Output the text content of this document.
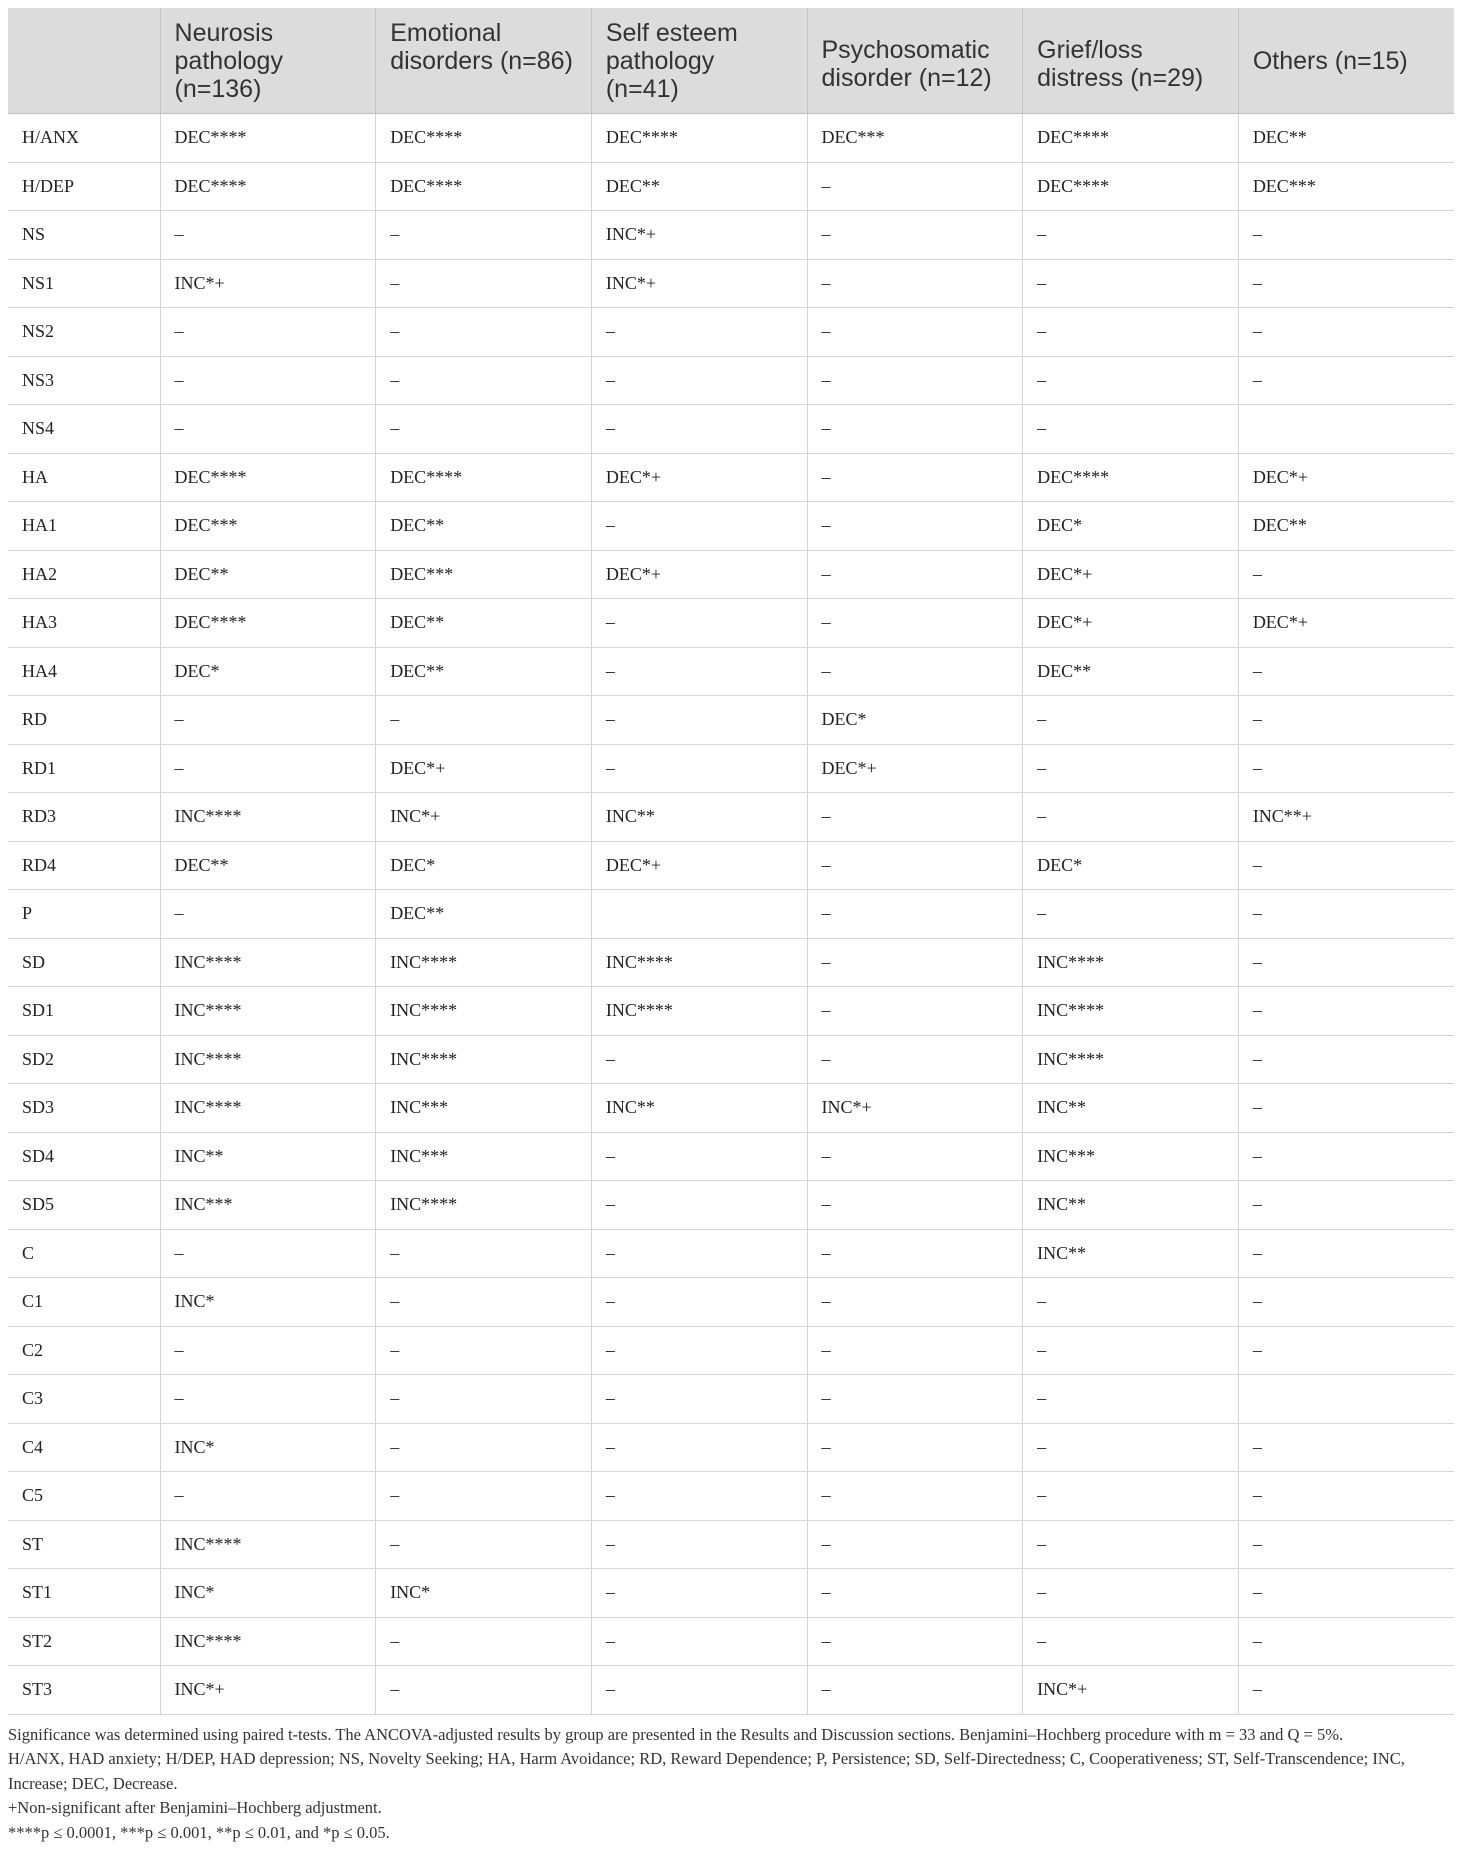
	Neurosis pathology (n=136)	Emotional disorders (n=86)	Self esteem pathology (n=41)	Psychosomatic disorder (n=12)	Grief/loss distress (n=29)	Others (n=15)
H/ANX	DEC****	DEC****	DEC****	DEC***	DEC****	DEC**
H/DEP	DEC****	DEC****	DEC**	–	DEC****	DEC***
NS	–	–	INC*+	–	–	–
NS1	INC*+	–	INC*+	–	–	–
NS2	–	–	–	–	–	–
NS3	–	–	–	–	–	–
NS4	–	–	–	–	–	
HA	DEC****	DEC****	DEC*+	–	DEC****	DEC*+
HA1	DEC***	DEC**	–	–	DEC*	DEC**
HA2	DEC**	DEC***	DEC*+	–	DEC*+	–
HA3	DEC****	DEC**	–	–	DEC*+	DEC*+
HA4	DEC*	DEC**	–	–	DEC**	–
RD	–	–	–	DEC*	–	–
RD1	–	DEC*+	–	DEC*+	–	–
RD3	INC****	INC*+	INC**	–	–	INC**+
RD4	DEC**	DEC*	DEC*+	–	DEC*	–
P	–	DEC**		–	–	–
SD	INC****	INC****	INC****	–	INC****	–
SD1	INC****	INC****	INC****	–	INC****	–
SD2	INC****	INC****	–	–	INC****	–
SD3	INC****	INC***	INC**	INC*+	INC**	–
SD4	INC**	INC***	–	–	INC***	–
SD5	INC***	INC****	–	–	INC**	–
C	–	–	–	–	INC**	–
C1	INC*	–	–	–	–	–
C2	–	–	–	–	–	–
C3	–	–	–	–	–	
C4	INC*	–	–	–	–	–
C5	–	–	–	–	–	–
ST	INC****	–	–	–	–	–
ST1	INC*	INC*	–	–	–	–
ST2	INC****	–	–	–	–	–
ST3	INC*+	–	–	–	INC*+	–

Significance was determined using paired t-tests. The ANCOVA-adjusted results by group are presented in the Results and Discussion sections. Benjamini–Hochberg procedure with m = 33 and Q = 5%.

H/ANX, HAD anxiety; H/DEP, HAD depression; NS, Novelty Seeking; HA, Harm Avoidance; RD, Reward Dependence; P, Persistence; SD, Self-Directedness; C, Cooperativeness; ST, Self-Transcendence; INC, Increase; DEC, Decrease.

+Non-significant after Benjamini–Hochberg adjustment.

****p ≤ 0.0001, ***p ≤ 0.001, **p ≤ 0.01, and *p ≤ 0.05.
